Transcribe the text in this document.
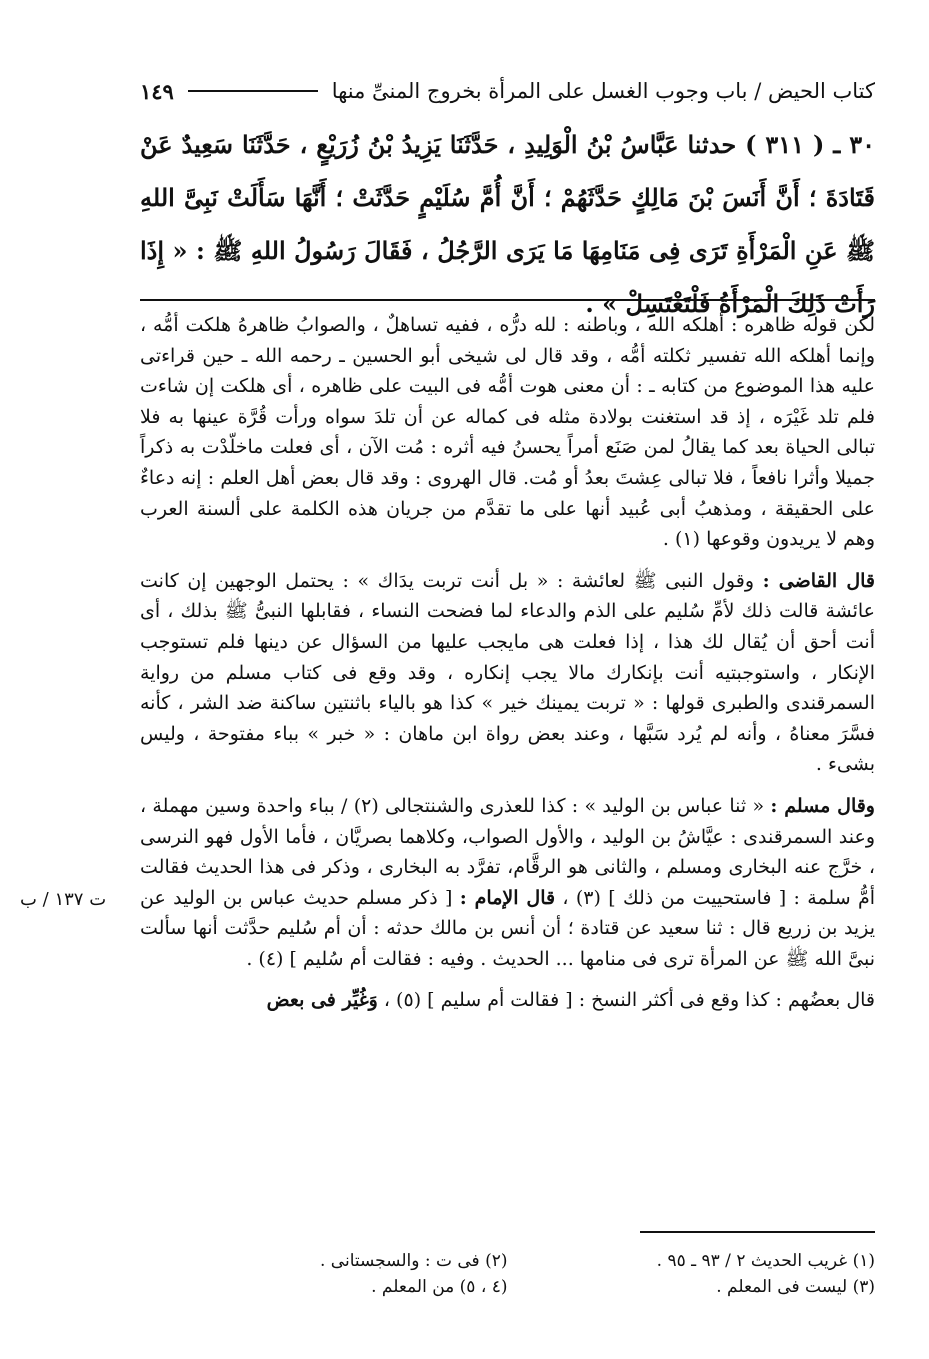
كتاب الحيض / باب وجوب الغسل على المرأة بخروج المنىِّ منها
١٤٩

٣٠ ـ ( ٣١١ ) حدثنا عَبَّاسُ بْنُ الْوَلِيدِ ، حَدَّثَنَا يَزِيدُ بْنُ زُرَيْعٍ ، حَدَّثَنَا سَعِيدٌ عَنْ قَتَادَةَ ؛ أَنَّ أَنَسَ بْنَ مَالِكٍ حَدَّثَهُمْ ؛ أَنَّ أُمَّ سُلَيْمٍ حَدَّثَتْ ؛ أَنَّهَا سَأَلَتْ نَبِىَّ اللهِ ﷺ عَنِ الْمَرْأَةِ تَرَى فِى مَنَامِهَا مَا يَرَى الرَّجُلُ ، فَقَالَ رَسُولُ اللهِ ﷺ : « إِذَا رَأَتْ ذَلِكَ الْمَرْأَةُ فَلْتَغْتَسِلْ » .

لكن قوله ظاهره : أهلكه الله ، وباطنه : لله درُّه ، ففيه تساهلٌ ، والصوابُ ظاهرهُ هلكت أمُّه ، وإنما أهلكه الله تفسير ثكلته أمُّه ، وقد قال لى شيخى أبو الحسين ـ رحمه الله ـ حين قراءتى عليه هذا الموضوع من كتابه ـ : أن معنى هوت أمُّه فى البيت على ظاهره ، أى هلكت إن شاءت فلم تلد غَيْرَه ، إذ قد استغنت بولادة مثله فى كماله عن أن تلدَ سواه ورأت قُرَّة عينها به فلا تبالى الحياة بعد كما يقالُ لمن صَنَع أمراً يحسنُ فيه أثره : مُت الآن ، أى فعلت ماخلّدْت به ذكراً جميلا وأثرا نافعاً ، فلا تبالى عِشتَ بعدُ أو مُت. قال الهروى : وقد قال بعض أهل العلم : إنه دعاءٌ على الحقيقة ، ومذهبُ أبى عُبيد أنها على ما تقدَّم من جريان هذه الكلمة على ألسنة العرب وهم لا يريدون وقوعها (١) .

قال القاضى : وقول النبى ﷺ لعائشة : « بل أنت تربت يدَاك » : يحتمل الوجهين إن كانت عائشة قالت ذلك لأمِّ سُليم على الذم والدعاء لما فضحت النساء ، فقابلها النبىُّ ﷺ بذلك ، أى أنت أحق أن يُقال لك هذا ، إذا فعلت هى مايجب عليها من السؤال عن دينها فلم تستوجب الإنكار ، واستوجبتيه أنت بإنكارك مالا يجب إنكاره ، وقد وقع فى كتاب مسلم من رواية السمرقندى والطبرى قولها : « تربت يمينك خير » كذا هو بالياء باثنتين ساكنة ضد الشر ، كأنه فسَّرَ معناهُ ، وأنه لم يُرد سَبَّها ، وعند بعض رواة ابن ماهان : « خبر » بباء مفتوحة ، وليس بشىء .

وقال مسلم : « ثنا عباس بن الوليد » : كذا للعذرى والشنتجالى (٢) / بباء واحدة وسين مهملة ، وعند السمرقندى : عيَّاشُ بن الوليد ، والأول الصواب، وكلاهما بصريَّان ، فأما الأول فهو النرسى ، خرَّج عنه البخارى ومسلم ، والثانى هو الرقَّام، تفرَّد به البخارى ، وذكر فى هذا الحديث فقالت أمُّ سلمة : [ فاستحييت من ذلك ] (٣) ، قال الإمام : [ ذكر مسلم حديث عباس بن الوليد عن يزيد بن زريع قال : ثنا سعيد عن قتادة ؛ أن أنس بن مالك حدثه : أن أم سُليم حدَّثت أنها سألت نبىَّ الله ﷺ عن المرأة ترى فى منامها ... الحديث . وفيه : فقالت أم سُليم ] (٤) .

قال بعضُهم : كذا وقع فى أكثر النسخ : [ فقالت أم سليم ] (٥) ، وَغُيِّر فى بعض

ت ١٣٧ / ب
(١) غريب الحديث ٢ / ٩٣ ـ ٩٥ .
(٢) فى ت : والسجستانى .
(٣) ليست فى المعلم .
(٤ ، ٥) من المعلم .
